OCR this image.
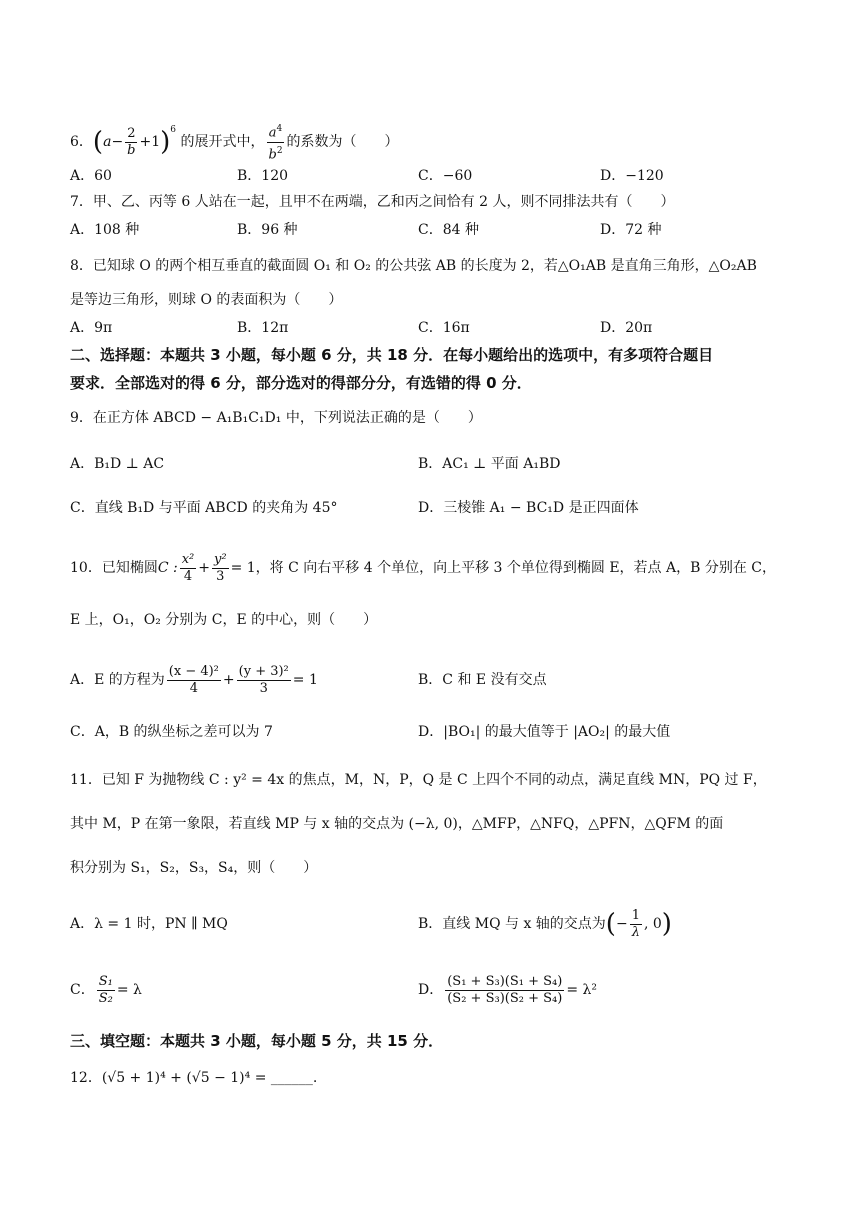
6．$(a- \frac{2}{b} +1)^6$ 的展开式中， $\frac{a^4}{b^2}$ 的系数为（　　）
A．60	B．120	C．−60	D．−120
7．甲、乙、丙等 6 人站在一起，且甲不在两端，乙和丙之间恰有 2 人，则不同排法共有（　　）
A．108 种	B．96 种	C．84 种	D．72 种
8．已知球 O 的两个相互垂直的截面圆 O₁ 和 O₂ 的公共弦 AB 的长度为 2，若△O₁AB 是直角三角形，△O₂AB
是等边三角形，则球 O 的表面积为（　　）
A．9π	B．12π	C．16π	D．20π
二、选择题：本题共 3 小题，每小题 6 分，共 18 分．在每小题给出的选项中，有多项符合题目
要求．全部选对的得 6 分，部分选对的得部分分，有选错的得 0 分．
9．在正方体 ABCD − A₁B₁C₁D₁ 中，下列说法正确的是（　　）
A．B₁D ⊥ AC	B．AC₁ ⊥ 平面 A₁BD
C．直线 B₁D 与平面 ABCD 的夹角为 45°	D．三棱锥 A₁ − BC₁D 是正四面体
10．已知椭圆C : $\frac{\text{x²}}{4} + \frac{\text{y²}}{3} = 1$，将 C 向右平移 4 个单位，向上平移 3 个单位得到椭圆 E，若点 A，B 分别在 C，
E 上，O₁，O₂ 分别为 C，E 的中心，则（　　）
A．E 的方程为 $\frac{\text{(x − 4)²}}{4} + \frac{\text{(y + 3)²}}{3} = 1$	B．C 和 E 没有交点
C．A，B 的纵坐标之差可以为 7	D．|BO₁| 的最大值等于 |AO₂| 的最大值
11．已知 F 为抛物线 C : y² = 4x 的焦点，M，N，P，Q 是 C 上四个不同的动点，满足直线 MN，PQ 过 F，
其中 M，P 在第一象限，若直线 MP 与 x 轴的交点为 (−λ, 0)，△MFP，△NFQ，△PFN，△QFM 的面
积分别为 S₁，S₂，S₃，S₄，则（　　）
A．λ = 1 时，PN ∥ MQ	B．直线 MQ 与 x 轴的交点为(− $\frac{1}{\lambda}$ , 0)
C． $\frac{\text{S₁}}{\text{S₂}} = \lambda$	D． $\frac{\text{(S₁ + S₃)(S₁ + S₄)}}{\text{(S₂ + S₃)(S₂ + S₄)}} = \lambda^2$
三、填空题：本题共 3 小题，每小题 5 分，共 15 分．
12．(√5 + 1)⁴ + (√5 − 1)⁴ = ______.
